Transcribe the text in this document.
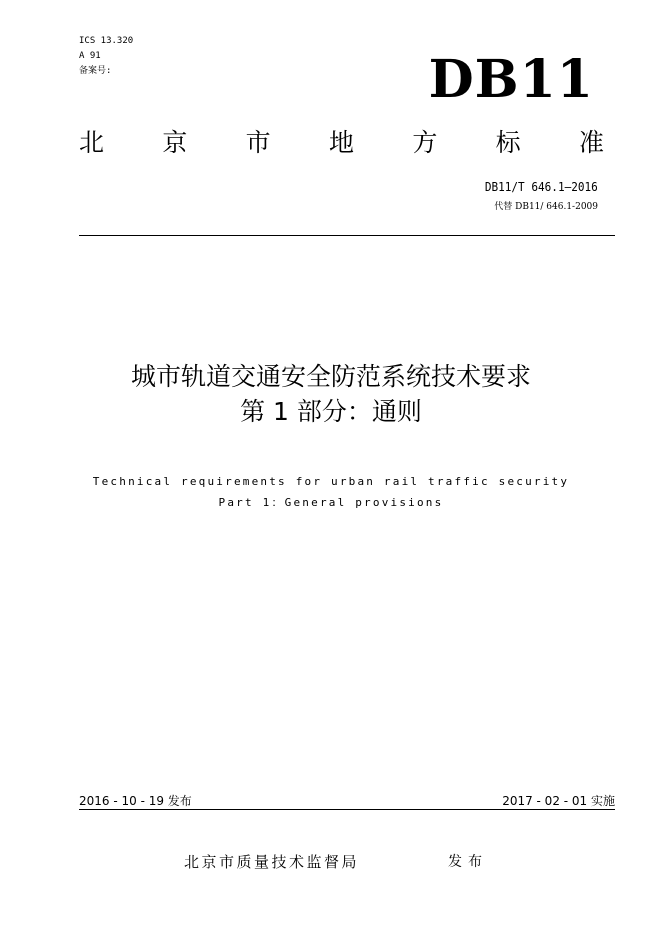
ICS 13.320
A 91
备案号:	DB11
北 京 市 地 方 标 准
DB11/T 646.1—2016
代替 DB11/ 646.1-2009
城市轨道交通安全防范系统技术要求
第 1 部分：通则
Technical requirements for urban rail traffic security
Part 1：General provisions
2016 - 10 - 19 发布	2017 - 02 - 01 实施
北京市质量技术监督局	发布
